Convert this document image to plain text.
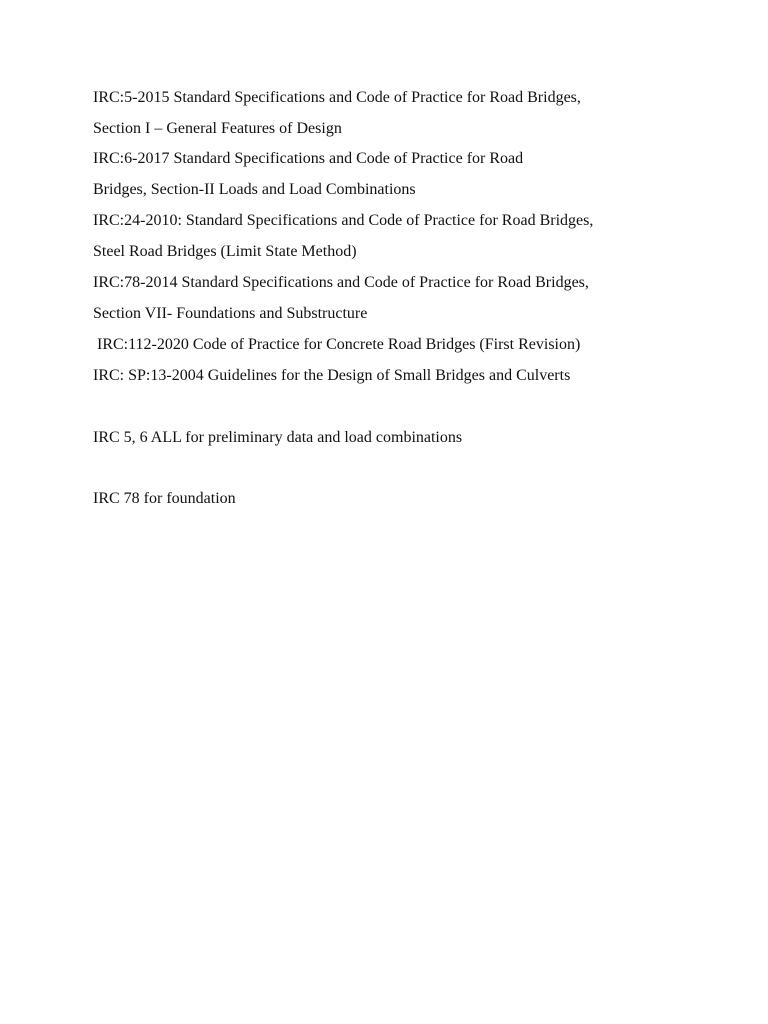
IRC:5-2015 Standard Specifications and Code of Practice for Road Bridges,

Section I – General Features of Design

IRC:6-2017 Standard Specifications and Code of Practice for Road

Bridges, Section-II Loads and Load Combinations

IRC:24-2010: Standard Specifications and Code of Practice for Road Bridges,

Steel Road Bridges (Limit State Method)

IRC:78-2014 Standard Specifications and Code of Practice for Road Bridges,

Section VII- Foundations and Substructure

IRC:112-2020 Code of Practice for Concrete Road Bridges (First Revision)

IRC: SP:13-2004 Guidelines for the Design of Small Bridges and Culverts

IRC 5, 6 ALL for preliminary data and load combinations

IRC 78 for foundation
